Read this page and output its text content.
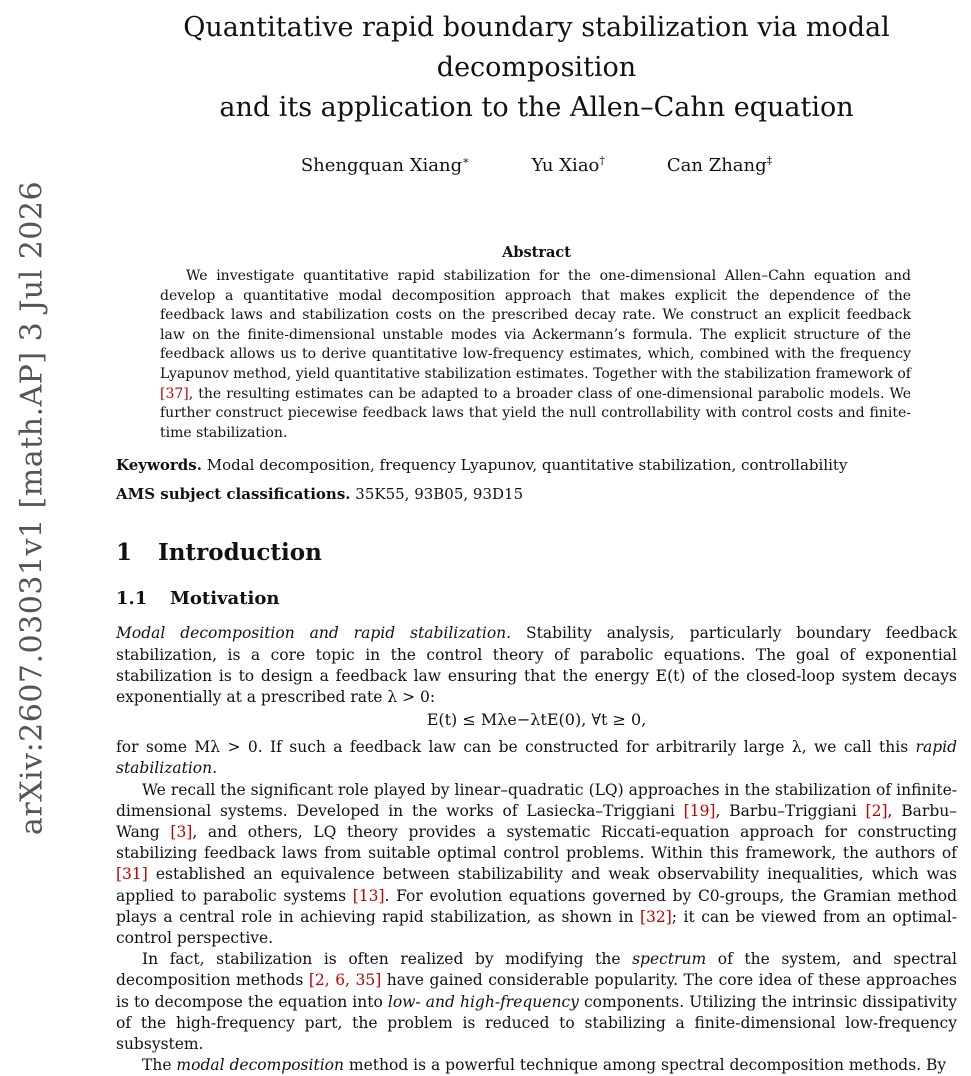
arXiv:2607.03031v1 [math.AP] 3 Jul 2026
Quantitative rapid boundary stabilization via modal decomposition
and its application to the Allen–Cahn equation
Shengquan Xiang∗	Yu Xiao†	Can Zhang‡
Abstract

We investigate quantitative rapid stabilization for the one-dimensional Allen–Cahn equation and develop a quantitative modal decomposition approach that makes explicit the dependence of the feedback laws and stabilization costs on the prescribed decay rate. We construct an explicit feedback law on the finite-dimensional unstable modes via Ackermann’s formula. The explicit structure of the feedback allows us to derive quantitative low-frequency estimates, which, combined with the frequency Lyapunov method, yield quantitative stabilization estimates. Together with the stabilization framework of [37], the resulting estimates can be adapted to a broader class of one-dimensional parabolic models. We further construct piecewise feedback laws that yield the null controllability with control costs and finite-time stabilization.

Keywords. Modal decomposition, frequency Lyapunov, quantitative stabilization, controllability
AMS subject classifications. 35K55, 93B05, 93D15
1 Introduction
1.1 Motivation

Modal decomposition and rapid stabilization. Stability analysis, particularly boundary feedback stabilization, is a core topic in the control theory of parabolic equations. The goal of exponential stabilization is to design a feedback law ensuring that the energy E(t) of the closed-loop system decays exponentially at a prescribed rate λ > 0:

E(t) ≤ Mλe−λtE(0), ∀t ≥ 0,

for some Mλ > 0. If such a feedback law can be constructed for arbitrarily large λ, we call this rapid stabilization.

We recall the significant role played by linear–quadratic (LQ) approaches in the stabilization of infinite-dimensional systems. Developed in the works of Lasiecka–Triggiani [19], Barbu–Triggiani [2], Barbu–Wang [3], and others, LQ theory provides a systematic Riccati-equation approach for constructing stabilizing feedback laws from suitable optimal control problems. Within this framework, the authors of [31] established an equivalence between stabilizability and weak observability inequalities, which was applied to parabolic systems [13]. For evolution equations governed by C0-groups, the Gramian method plays a central role in achieving rapid stabilization, as shown in [32]; it can be viewed from an optimal-control perspective.

In fact, stabilization is often realized by modifying the spectrum of the system, and spectral decomposition methods [2, 6, 35] have gained considerable popularity. The core idea of these approaches is to decompose the equation into low- and high-frequency components. Utilizing the intrinsic dissipativity of the high-frequency part, the problem is reduced to stabilizing a finite-dimensional low-frequency subsystem.

The modal decomposition method is a powerful technique among spectral decomposition methods. By
